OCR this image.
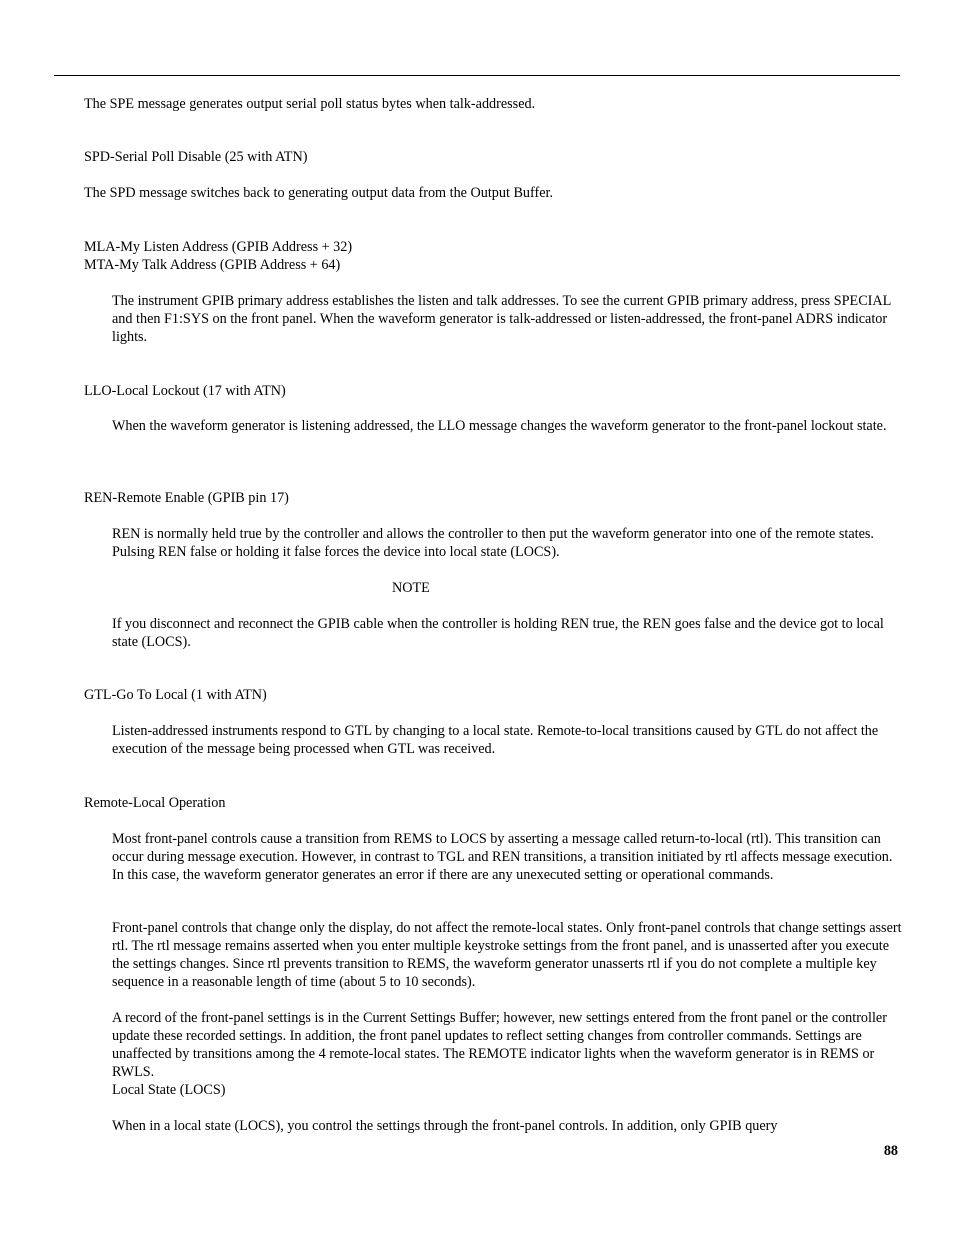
The SPE message generates output serial poll status bytes when talk-addressed.
SPD-Serial Poll Disable (25 with ATN)
The SPD message switches back to generating output data from the Output Buffer.
MLA-My Listen Address (GPIB Address + 32)
MTA-My Talk Address (GPIB Address + 64)
The instrument GPIB primary address establishes the listen and talk addresses. To see the current GPIB primary address, press SPECIAL and then F1:SYS on the front panel. When the waveform generator is talk-addressed or listen-addressed, the front-panel ADRS indicator lights.
LLO-Local Lockout (17 with ATN)
When the waveform generator is listening addressed, the LLO message changes the waveform generator to the front-panel lockout state.
REN-Remote Enable (GPIB pin 17)
REN is normally held true by the controller and allows the controller to then put the waveform generator into one of the remote states. Pulsing REN false or holding it false forces the device into local state (LOCS).
NOTE
If you disconnect and reconnect the GPIB cable when the controller is holding REN true, the REN goes false and the device got to local state (LOCS).
GTL-Go To Local (1 with ATN)
Listen-addressed instruments respond to GTL by changing to a local state. Remote-to-local transitions caused by GTL do not affect the execution of the message being processed when GTL was received.
Remote-Local Operation
Most front-panel controls cause a transition from REMS to LOCS by asserting a message called return-to-local (rtl). This transition can occur during message execution. However, in contrast to TGL and REN transitions, a transition initiated by rtl affects message execution. In this case, the waveform generator generates an error if there are any unexecuted setting or operational commands.
Front-panel controls that change only the display, do not affect the remote-local states. Only front-panel controls that change settings assert rtl. The rtl message remains asserted when you enter multiple keystroke settings from the front panel, and is unasserted after you execute the settings changes. Since rtl prevents transition to REMS, the waveform generator unasserts rtl if you do not complete a multiple key sequence in a reasonable length of time (about 5 to 10 seconds).
A record of the front-panel settings is in the Current Settings Buffer; however, new settings entered from the front panel or the controller update these recorded settings. In addition, the front panel updates to reflect setting changes from controller commands. Settings are unaffected by transitions among the 4 remote-local states. The REMOTE indicator lights when the waveform generator is in REMS or RWLS.
Local State (LOCS)
When in a local state (LOCS), you control the settings through the front-panel controls. In addition, only GPIB query
88
